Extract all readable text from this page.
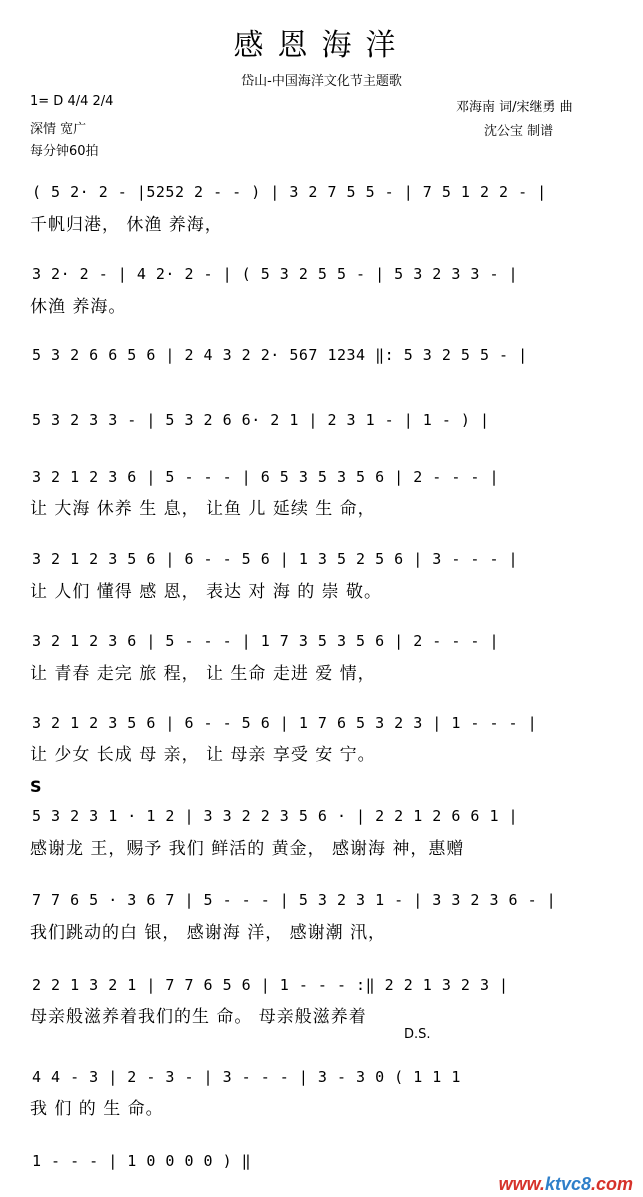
感恩海洋
岱山-中国海洋文化节主题歌
1= D 4/4 2/4
深情 宽广
每分钟60拍
邓海南 词/宋继勇 曲
沈公宝 制谱
( 5 2· 2 - |5252 2 - - ) | 3 2 7 5 5 - | 7 5 1 2 2 - |
千帆归港， 休渔 养海，
3 2· 2 - | 4 2· 2 - | ( 5 3 2 5 5 - | 5 3 2 3 3 - |
休渔 养海。
5 3 2 6 6 5 6 | 2 4 3 2 2· 567 1234 ‖: 5 3 2 5 5 - |
5 3 2 3 3 - | 5 3 2 6 6· 2 1 | 2 3 1 - | 1 - ) |
3 2 1 2 3 6 | 5 - - - | 6 5 3 5 3 5 6 | 2 - - - |
让 大海 休养 生 息， 让鱼 儿 延续 生 命，
3 2 1 2 3 5 6 | 6 - - 5 6 | 1 3 5 2 5 6 | 3 - - - |
让 人们 懂得 感 恩， 表达 对 海 的 崇 敬。
3 2 1 2 3 6 | 5 - - - | 1 7 3 5 3 5 6 | 2 - - - |
让 青春 走完 旅 程， 让 生命 走进 爱 情，
3 2 1 2 3 5 6 | 6 - - 5 6 | 1 7 6 5 3 2 3 | 1 - - - |
让 少女 长成 母 亲， 让 母亲 享受 安 宁。
S
5 3 2 3 1 · 1 2 | 3 3 2 2 3 5 6 · | 2 2 1 2 6 6 1 |
感谢龙 王，赐予 我们 鲜活的 黄金， 感谢海 神，惠赠
7 7 6 5 · 3 6 7 | 5 - - - | 5 3 2 3 1 - | 3 3 2 3 6 - |
我们跳动的白 银， 感谢海 洋， 感谢潮 汛，
2 2 1 3 2 1 | 7 7 6 5 6 | 1 - - - :‖ 2 2 1 3 2 3 |
母亲般滋养着我们的生 命。 母亲般滋养着
D.S.
4 4 - 3 | 2 - 3 - | 3 - - - | 3 - 3 0 ( 1 1 1
我 们 的 生 命。
1 - - - | 1 0 0 0 0 ) ‖
www.ktvc8.com
